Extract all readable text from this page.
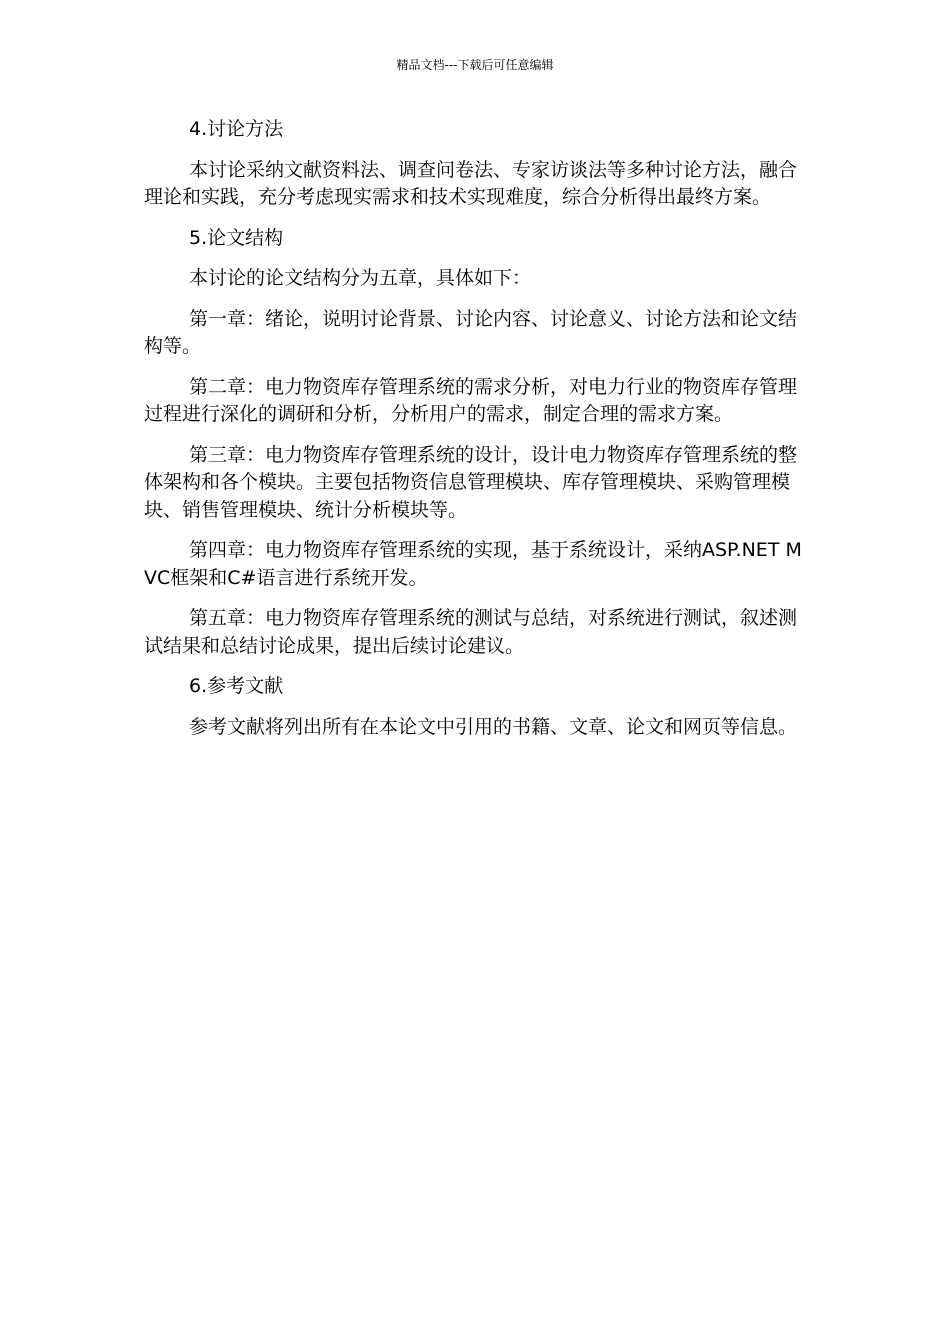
精品文档---下载后可任意编辑

4.讨论方法

本讨论采纳文献资料法、调查问卷法、专家访谈法等多种讨论方法，融合理论和实践，充分考虑现实需求和技术实现难度，综合分析得出最终方案。

5.论文结构

本讨论的论文结构分为五章，具体如下：

第一章：绪论，说明讨论背景、讨论内容、讨论意义、讨论方法和论文结构等。

第二章：电力物资库存管理系统的需求分析，对电力行业的物资库存管理过程进行深化的调研和分析，分析用户的需求，制定合理的需求方案。

第三章：电力物资库存管理系统的设计，设计电力物资库存管理系统的整体架构和各个模块。主要包括物资信息管理模块、库存管理模块、采购管理模块、销售管理模块、统计分析模块等。

第四章：电力物资库存管理系统的实现，基于系统设计，采纳ASP.NET MVC框架和C#语言进行系统开发。

第五章：电力物资库存管理系统的测试与总结，对系统进行测试，叙述测试结果和总结讨论成果，提出后续讨论建议。

6.参考文献

参考文献将列出所有在本论文中引用的书籍、文章、论文和网页等信息。
